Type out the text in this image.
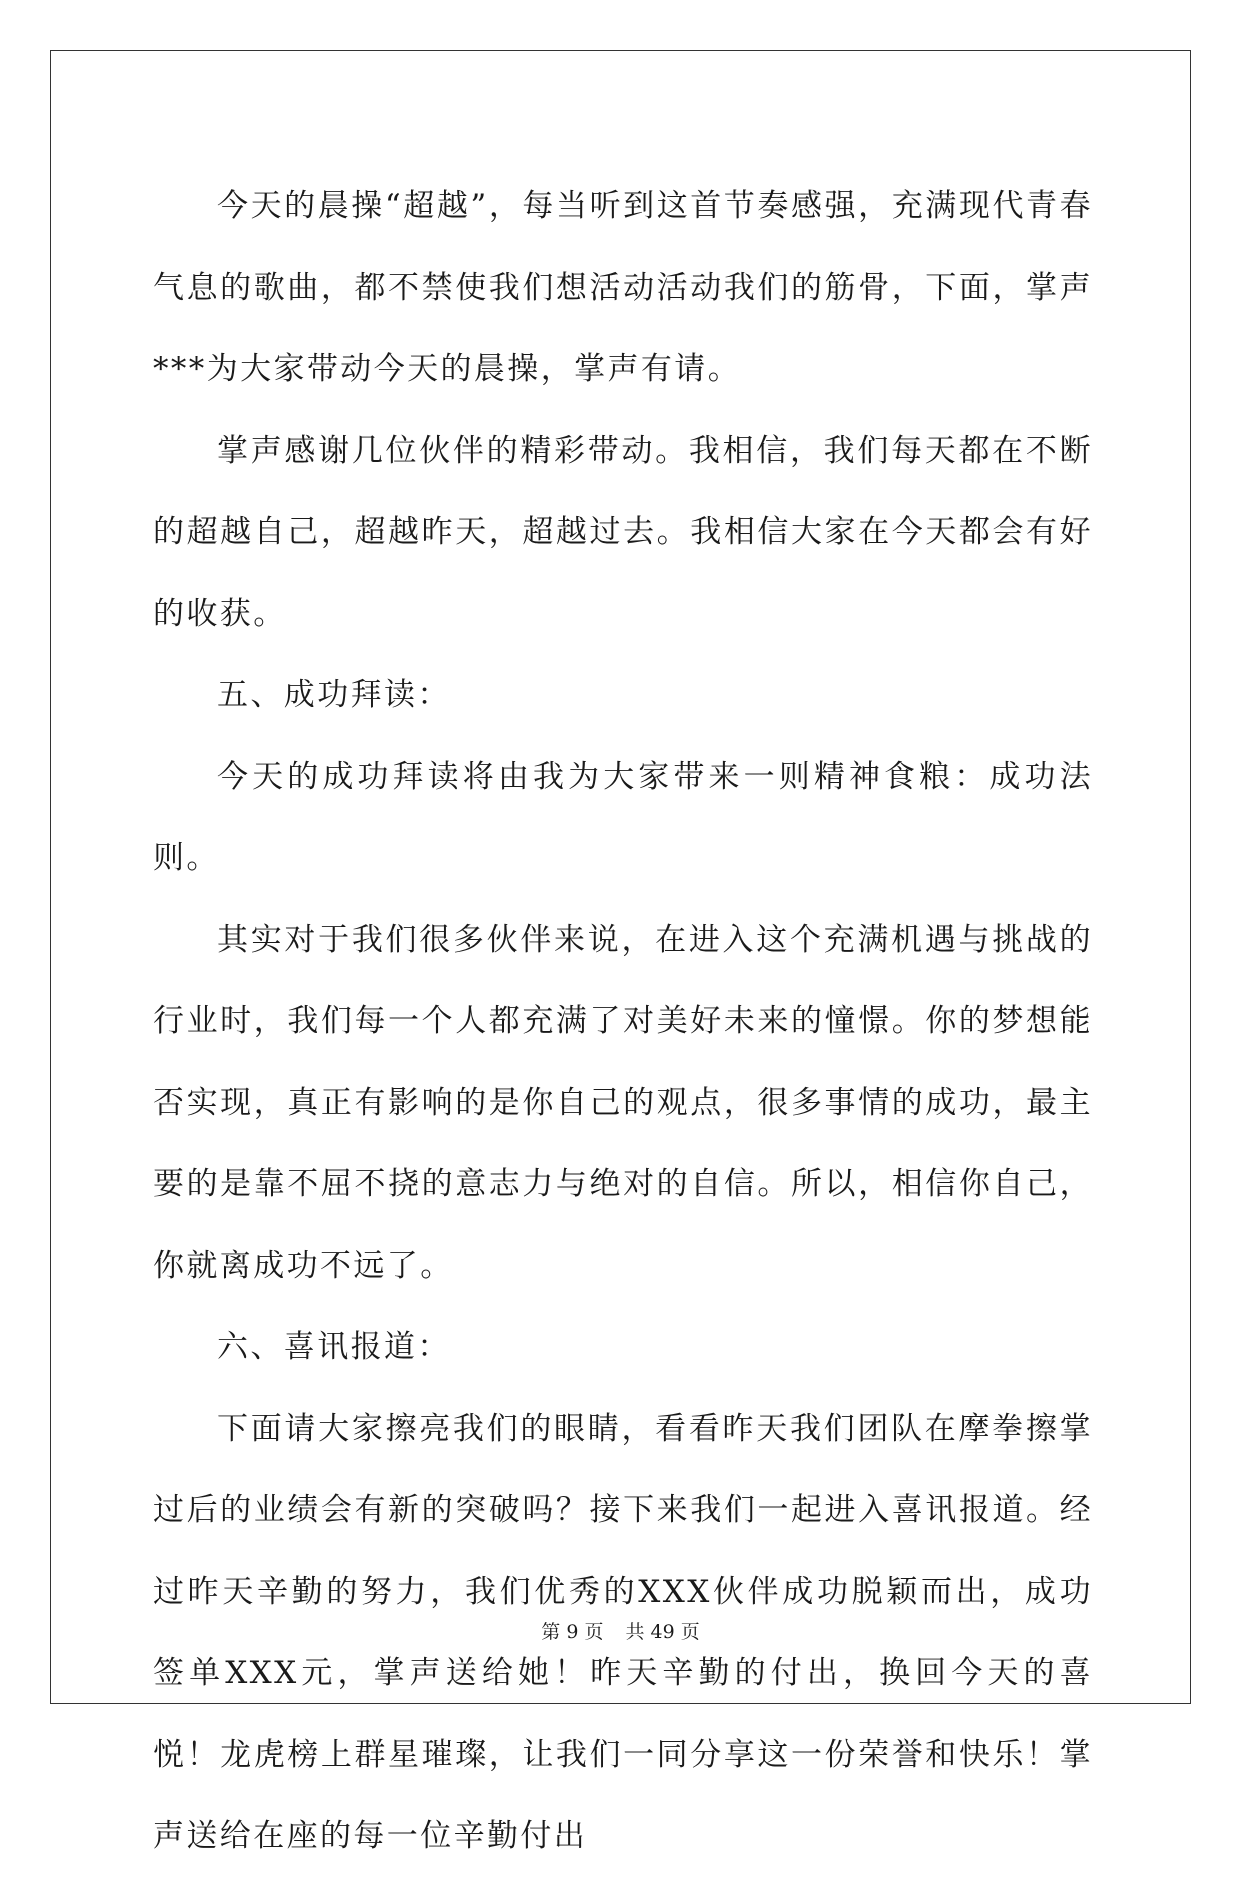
今天的晨操“超越”，每当听到这首节奏感强，充满现代青春气息的歌曲，都不禁使我们想活动活动我们的筋骨，下面，掌声***为大家带动今天的晨操，掌声有请。

掌声感谢几位伙伴的精彩带动。我相信，我们每天都在不断的超越自己，超越昨天，超越过去。我相信大家在今天都会有好的收获。

五、成功拜读：

今天的成功拜读将由我为大家带来一则精神食粮：成功法则。

其实对于我们很多伙伴来说，在进入这个充满机遇与挑战的行业时，我们每一个人都充满了对美好未来的憧憬。你的梦想能否实现，真正有影响的是你自己的观点，很多事情的成功，最主要的是靠不屈不挠的意志力与绝对的自信。所以，相信你自己，你就离成功不远了。

六、喜讯报道：

下面请大家擦亮我们的眼睛，看看昨天我们团队在摩拳擦掌过后的业绩会有新的突破吗？接下来我们一起进入喜讯报道。经过昨天辛勤的努力，我们优秀的XXX伙伴成功脱颖而出，成功签单XXX元，掌声送给她！昨天辛勤的付出，换回今天的喜悦！龙虎榜上群星璀璨，让我们一同分享这一份荣誉和快乐！掌声送给在座的每一位辛勤付出

第 9 页 共 49 页
